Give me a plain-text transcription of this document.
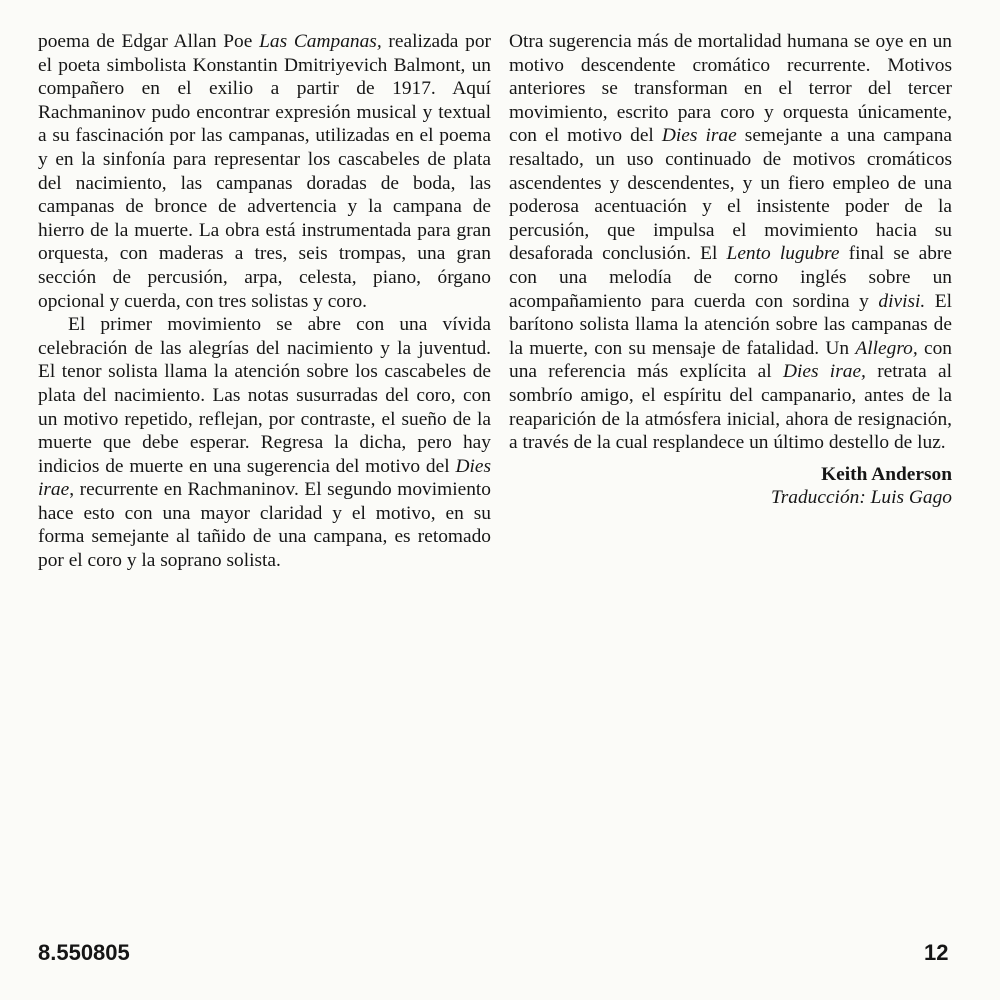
poema de Edgar Allan Poe Las Campanas, realizada por el poeta simbolista Konstantin Dmitriyevich Balmont, un compañero en el exilio a partir de 1917. Aquí Rachmaninov pudo encontrar expresión musical y textual a su fascinación por las campanas, utilizadas en el poema y en la sinfonía para representar los cascabeles de plata del nacimiento, las campanas doradas de boda, las campanas de bronce de advertencia y la campana de hierro de la muerte. La obra está instrumentada para gran orquesta, con maderas a tres, seis trompas, una gran sección de percusión, arpa, celesta, piano, órgano opcional y cuerda, con tres solistas y coro.

El primer movimiento se abre con una vívida celebración de las alegrías del nacimiento y la juventud. El tenor solista llama la atención sobre los cascabeles de plata del nacimiento. Las notas susurradas del coro, con un motivo repetido, reflejan, por contraste, el sueño de la muerte que debe esperar. Regresa la dicha, pero hay indicios de muerte en una sugerencia del motivo del Dies irae, recurrente en Rachmaninov. El segundo movimiento hace esto con una mayor claridad y el motivo, en su forma semejante al tañido de una campana, es retomado por el coro y la soprano solista.

Otra sugerencia más de mortalidad humana se oye en un motivo descendente cromático recurrente. Motivos anteriores se transforman en el terror del tercer movimiento, escrito para coro y orquesta únicamente, con el motivo del Dies irae semejante a una campana resaltado, un uso continuado de motivos cromáticos ascendentes y descendentes, y un fiero empleo de una poderosa acentuación y el insistente poder de la percusión, que impulsa el movimiento hacia su desaforada conclusión. El Lento lugubre final se abre con una melodía de corno inglés sobre un acompañamiento para cuerda con sordina y divisi. El barítono solista llama la atención sobre las campanas de la muerte, con su mensaje de fatalidad. Un Allegro, con una referencia más explícita al Dies irae, retrata al sombrío amigo, el espíritu del campanario, antes de la reaparición de la atmósfera inicial, ahora de resignación, a través de la cual resplandece un último destello de luz.

Keith Anderson
Traducción: Luis Gago
8.550805	12
